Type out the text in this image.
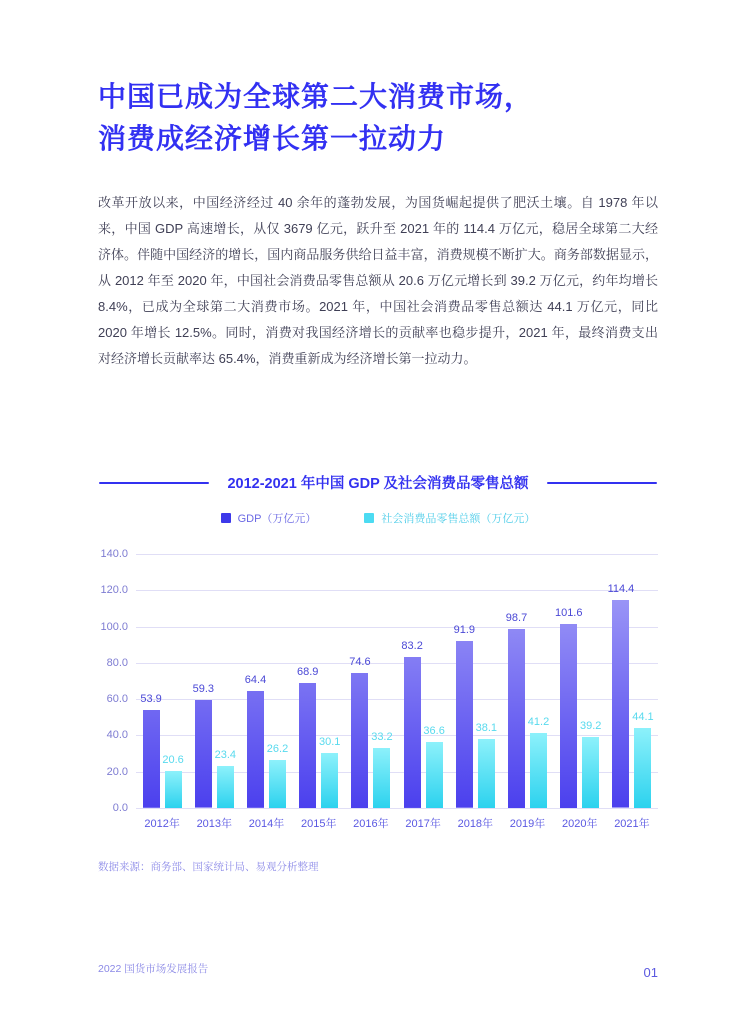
中国已成为全球第二大消费市场，
消费成经济增长第一拉动力

改革开放以来，中国经济经过 40 余年的蓬勃发展，为国货崛起提供了肥沃土壤。自 1978 年以来，中国 GDP 高速增长，从仅 3679 亿元，跃升至 2021 年的 114.4 万亿元，稳居全球第二大经济体。伴随中国经济的增长，国内商品服务供给日益丰富，消费规模不断扩大。商务部数据显示，从 2012 年至 2020 年，中国社会消费品零售总额从 20.6 万亿元增长到 39.2 万亿元，约年均增长 8.4%，已成为全球第二大消费市场。2021 年，中国社会消费品零售总额达 44.1 万亿元，同比 2020 年增长 12.5%。同时，消费对我国经济增长的贡献率也稳步提升，2021 年，最终消费支出对经济增长贡献率达 65.4%，消费重新成为经济增长第一拉动力。

2012-2021 年中国 GDP 及社会消费品零售总额
GDP（万亿元）	社会消费品零售总额（万亿元）
0.0
20.0
40.0
60.0
80.0
100.0
120.0
140.0
53.9
20.6
59.3
23.4
64.4
26.2
68.9
30.1
74.6
33.2
83.2
36.6
91.9
38.1
98.7
41.2
101.6
39.2
114.4
44.1
2012年	2013年	2014年	2015年	2016年	2017年	2018年	2019年	2020年	2021年
数据来源：商务部、国家统计局、易观分析整理
2022 国货市场发展报告	01
